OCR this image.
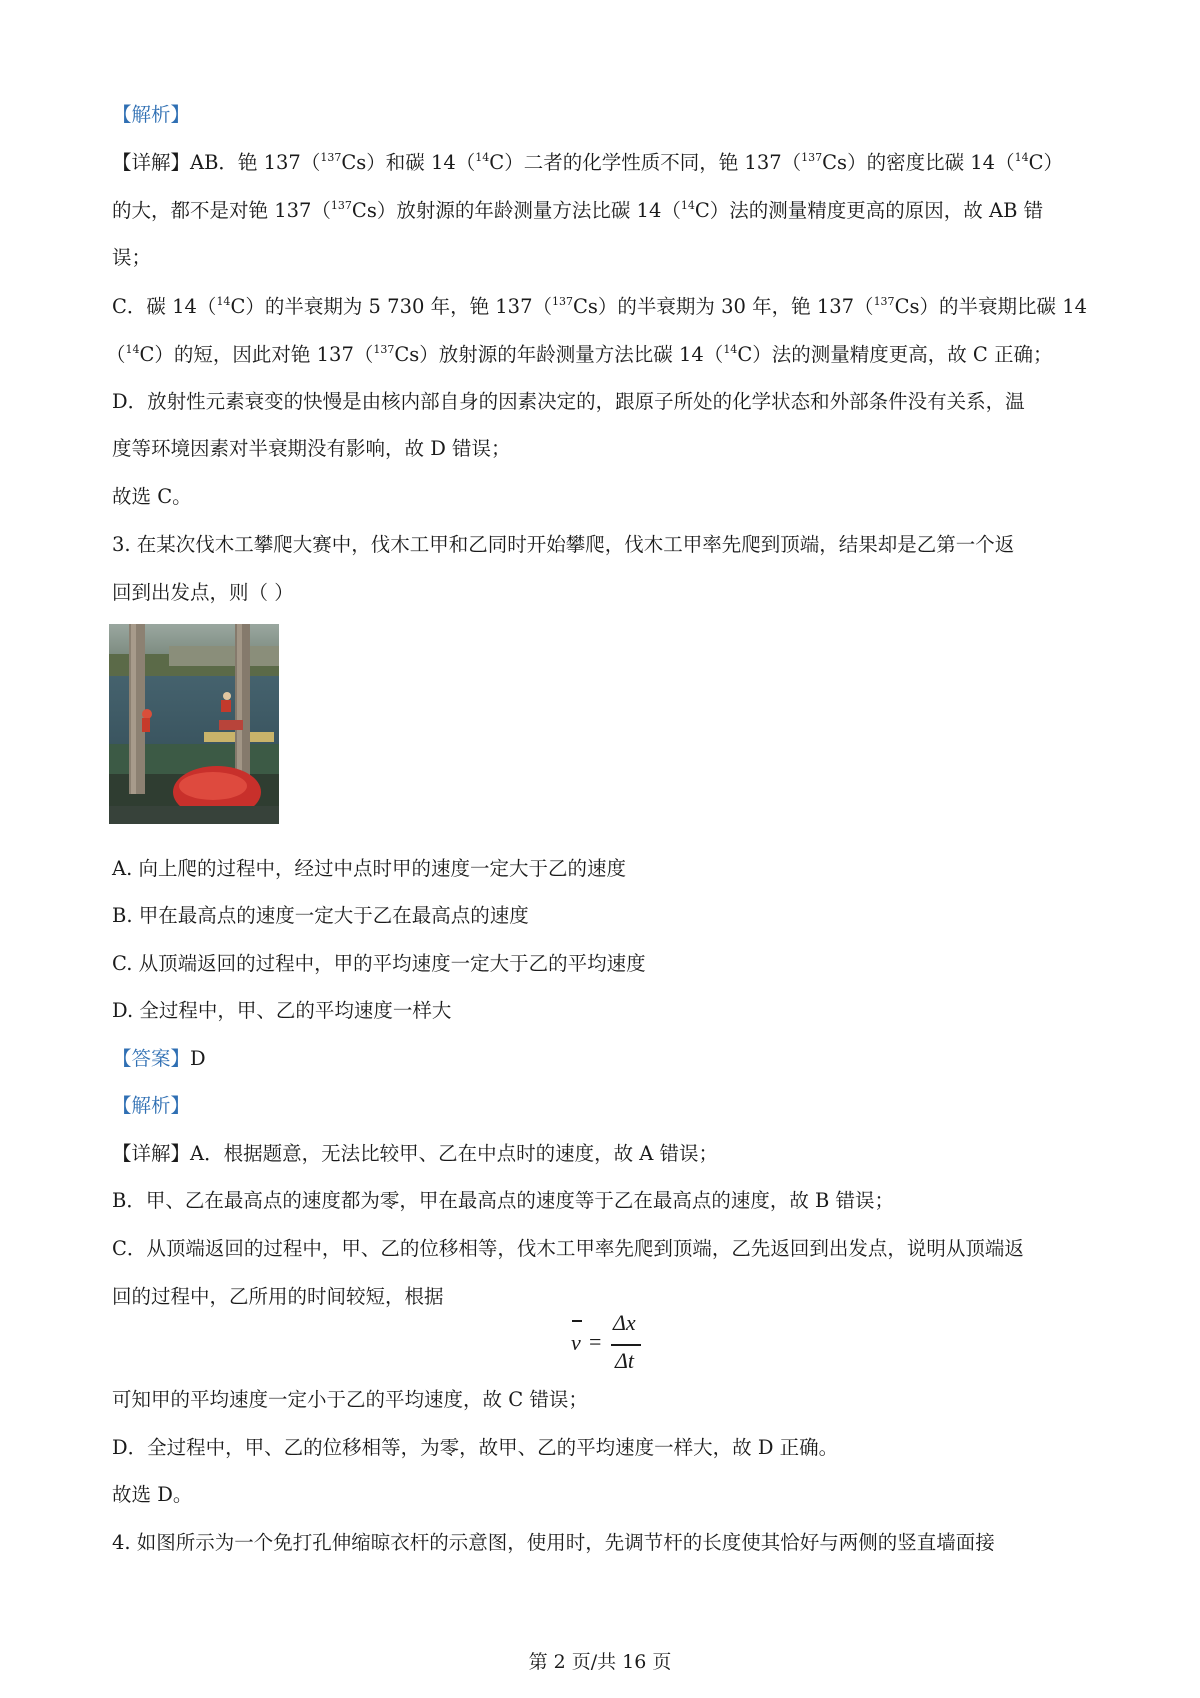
【解析】
【详解】AB．铯 137（$^{137}$Cs）和碳 14（$^{14}$C）二者的化学性质不同，铯 137（$^{137}$Cs）的密度比碳 14（$^{14}$C）
的大，都不是对铯 137（$^{137}$Cs）放射源的年龄测量方法比碳 14（$^{14}$C）法的测量精度更高的原因，故 AB 错
误；
C．碳 14（$^{14}$C）的半衰期为 5 730 年，铯 137（$^{137}$Cs）的半衰期为 30 年，铯 137（$^{137}$Cs）的半衰期比碳 14
（$^{14}$C）的短，因此对铯 137（$^{137}$Cs）放射源的年龄测量方法比碳 14（$^{14}$C）法的测量精度更高，故 C 正确；
D．放射性元素衰变的快慢是由核内部自身的因素决定的，跟原子所处的化学状态和外部条件没有关系，温
度等环境因素对半衰期没有影响，故 D 错误；
故选 C。
3. 在某次伐木工攀爬大赛中，伐木工甲和乙同时开始攀爬，伐木工甲率先爬到顶端，结果却是乙第一个返
回到出发点，则（ ）
A. 向上爬的过程中，经过中点时甲的速度一定大于乙的速度
B. 甲在最高点的速度一定大于乙在最高点的速度
C. 从顶端返回的过程中，甲的平均速度一定大于乙的平均速度
D. 全过程中，甲、乙的平均速度一样大
【答案】D
【解析】
【详解】A．根据题意，无法比较甲、乙在中点时的速度，故 A 错误；
B．甲、乙在最高点的速度都为零，甲在最高点的速度等于乙在最高点的速度，故 B 错误；
C．从顶端返回的过程中，甲、乙的位移相等，伐木工甲率先爬到顶端，乙先返回到出发点，说明从顶端返
回的过程中，乙所用的时间较短，根据
v =
Δx
Δt
可知甲的平均速度一定小于乙的平均速度，故 C 错误；
D．全过程中，甲、乙的位移相等，为零，故甲、乙的平均速度一样大，故 D 正确。
故选 D。
4. 如图所示为一个免打孔伸缩晾衣杆的示意图，使用时，先调节杆的长度使其恰好与两侧的竖直墙面接
第 2 页/共 16 页
